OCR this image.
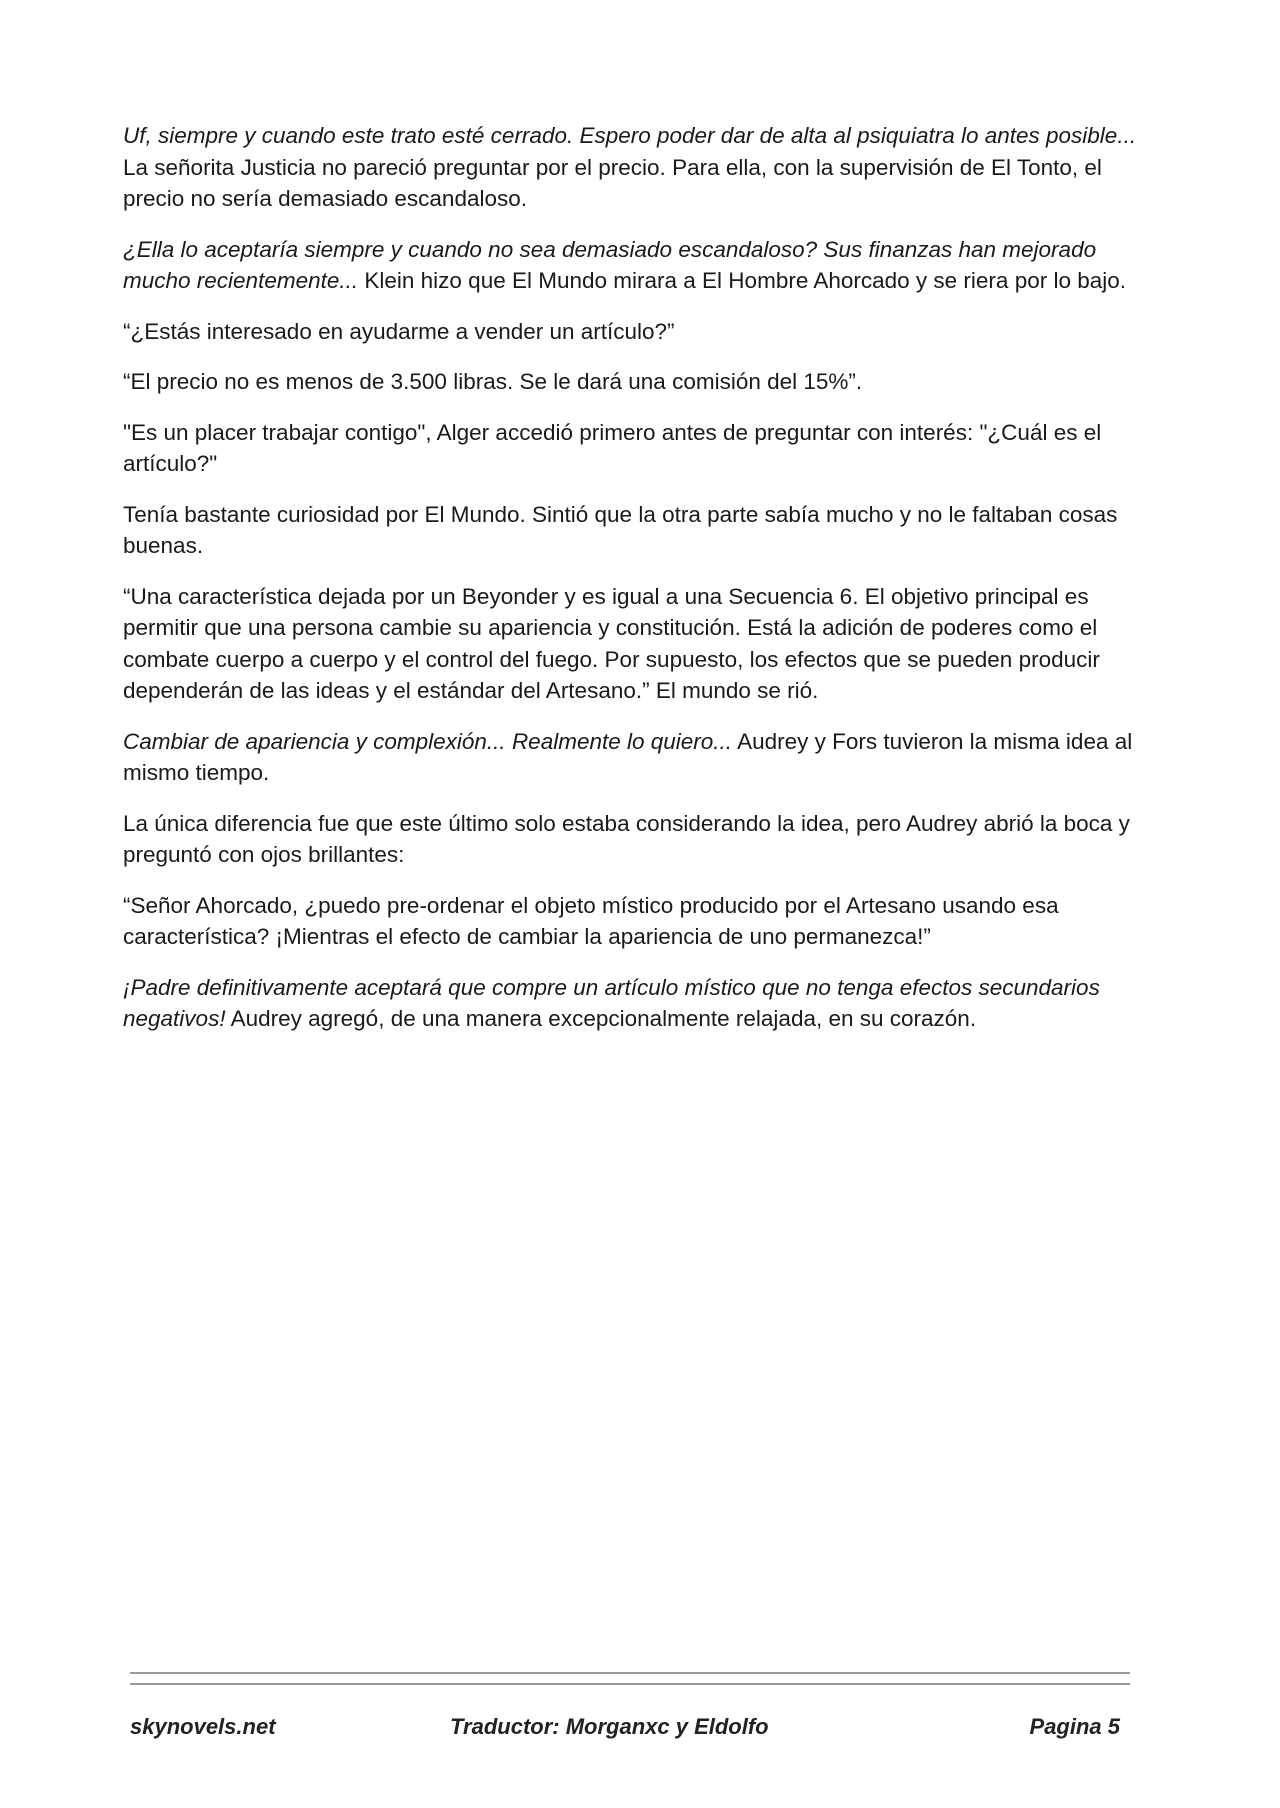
Uf, siempre y cuando este trato esté cerrado. Espero poder dar de alta al psiquiatra lo antes posible... La señorita Justicia no pareció preguntar por el precio. Para ella, con la supervisión de El Tonto, el precio no sería demasiado escandaloso.

¿Ella lo aceptaría siempre y cuando no sea demasiado escandaloso? Sus finanzas han mejorado mucho recientemente... Klein hizo que El Mundo mirara a El Hombre Ahorcado y se riera por lo bajo.

“¿Estás interesado en ayudarme a vender un artículo?”

“El precio no es menos de 3.500 libras. Se le dará una comisión del 15%”.

"Es un placer trabajar contigo", Alger accedió primero antes de preguntar con interés: "¿Cuál es el artículo?"

Tenía bastante curiosidad por El Mundo. Sintió que la otra parte sabía mucho y no le faltaban cosas buenas.

“Una característica dejada por un Beyonder y es igual a una Secuencia 6. El objetivo principal es permitir que una persona cambie su apariencia y constitución. Está la adición de poderes como el combate cuerpo a cuerpo y el control del fuego. Por supuesto, los efectos que se pueden producir dependerán de las ideas y el estándar del Artesano.” El mundo se rió.

Cambiar de apariencia y complexión... Realmente lo quiero... Audrey y Fors tuvieron la misma idea al mismo tiempo.

La única diferencia fue que este último solo estaba considerando la idea, pero Audrey abrió la boca y preguntó con ojos brillantes:

“Señor Ahorcado, ¿puedo pre-ordenar el objeto místico producido por el Artesano usando esa característica? ¡Mientras el efecto de cambiar la apariencia de uno permanezca!”

¡Padre definitivamente aceptará que compre un artículo místico que no tenga efectos secundarios negativos! Audrey agregó, de una manera excepcionalmente relajada, en su corazón.

skynovels.net	Traductor: Morganxc y Eldolfo	Pagina 5
